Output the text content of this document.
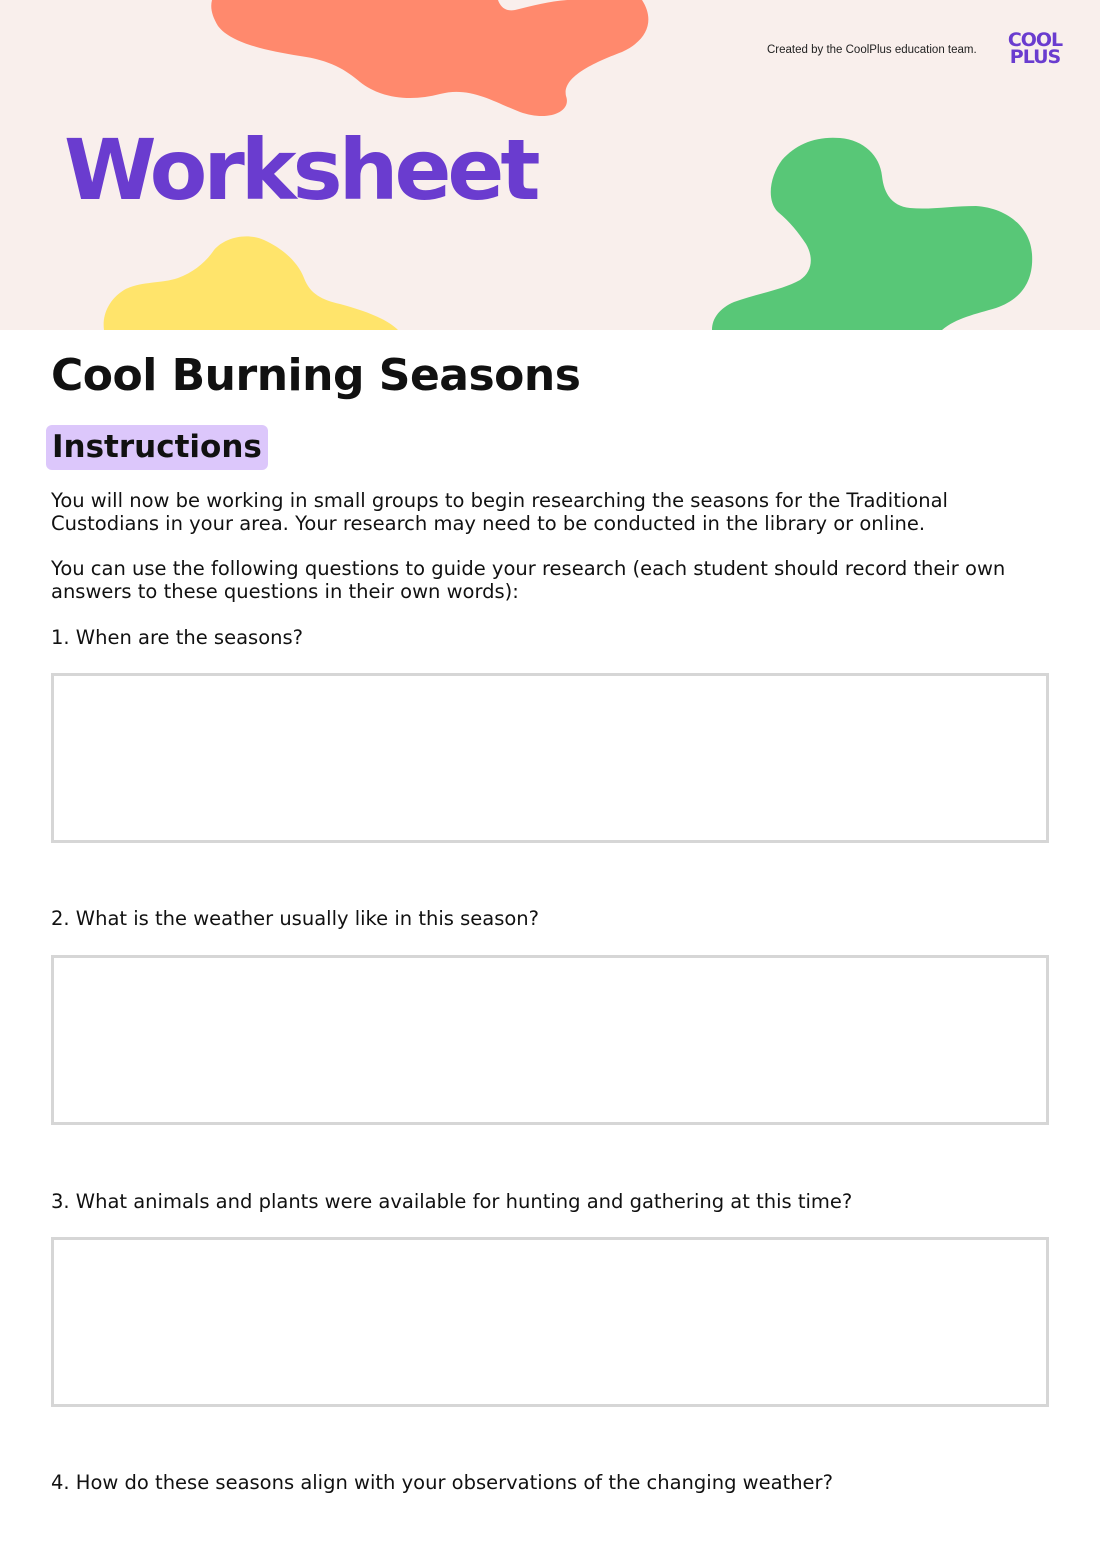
Created by the CoolPlus education team. COOL
PLUS
Worksheet
Cool Burning Seasons
Instructions

You will now be working in small groups to begin researching the seasons for the Traditional Custodians in your area. Your research may need to be conducted in the library or online.

You can use the following questions to guide your research (each student should record their own answers to these questions in their own words):

1. When are the seasons?

2. What is the weather usually like in this season?

3. What animals and plants were available for hunting and gathering at this time?

4. How do these seasons align with your observations of the changing weather?
